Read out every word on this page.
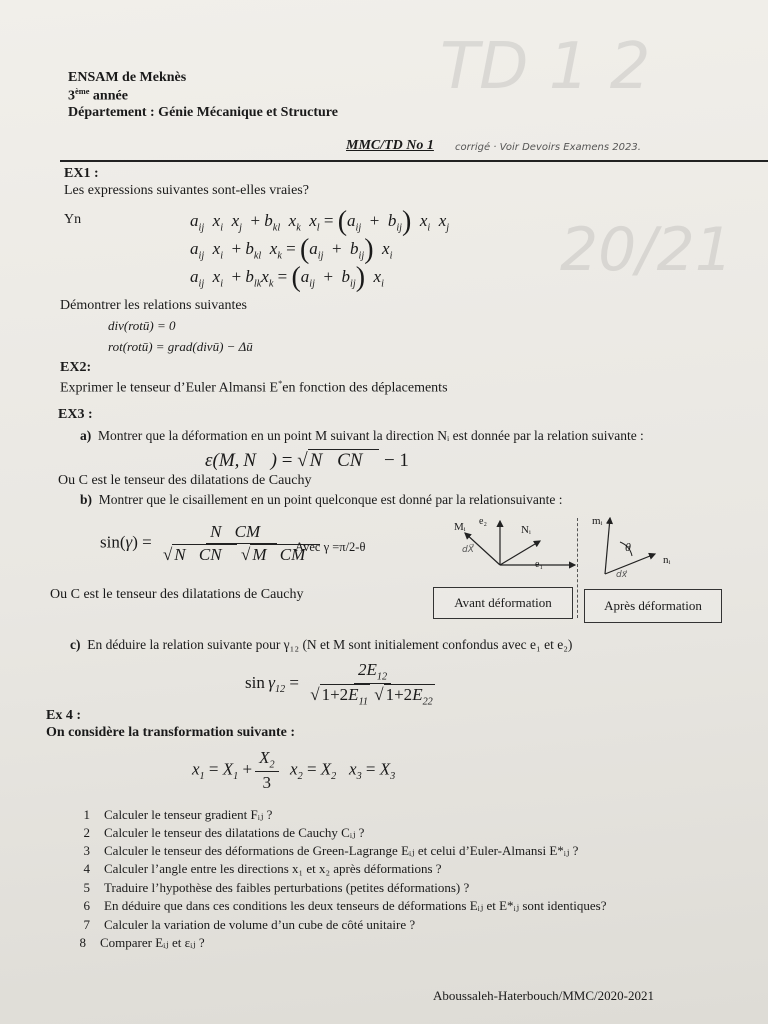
TD 1 2
20/21
ENSAM de Meknès
3ème année
Département : Génie Mécanique et Structure
MMC/TD No 1 corrigé · Voir Devoirs Examens 2023.
EX1 :
Les expressions suivantes sont-elles vraies?
Yn	$a_{ij}$  $x_i$  $x_j + b_{kl}$  $x_k$  $x_l = (a_{ij} + b_{ij})$  $x_i$  $x_j$
$a_{ij}$  $x_i + b_{kl}$  $x_k = (a_{ij} + b_{ij})$  $x_i$
$a_{ij}$  $x_i + b_{lk}x_k = (a_{ij} + b_{ij})$  $x_i$
Démontrer les relations suivantes
div(rotū) = 0
rot(rotū) = grad(divū) − Δū
EX2:
Exprimer le tenseur d’Euler Almansi E*en fonction des déplacements
EX3 :
a) Montrer que la déformation en un point M suivant la direction Nᵢ est donnée par la relation suivante :
ε(M, N⃗) = √ N⃗CN⃗ − 1
Ou C est le tenseur des dilatations de Cauchy
b) Montrer que le cisaillement en un point quelconque est donné par la relationsuivante :
$\sin(\gamma) = \frac{N⃗CM⃗}{√ N⃗CN⃗ √ M⃗CM⃗}$
Avec γ =π/2-θ
Mᵢ e₂
Nᵢ
e₁
dX⃗
mᵢ
θ
nᵢ
dx⃗
Ou C est le tenseur des dilatations de Cauchy
Avant déformation	Après déformation
c) En déduire la relation suivante pour γ₁₂ (N et M sont initialement confondus avec e₁ et e₂)
$\sin \gamma_{12} = \frac{2E_{12}}{√ 1+2E_{11} √ 1+2E_{22}}$
Ex 4 :
On considère la transformation suivante :
$x_1 = X_1 + \frac{X_2}{3} x_2 = X_2$   $x_3 = X_3$
1 Calculer le tenseur gradient Fᵢⱼ ?
2 Calculer le tenseur des dilatations de Cauchy Cᵢⱼ ?
3 Calculer le tenseur des déformations de Green-Lagrange Eᵢⱼ et celui d’Euler-Almansi E*ᵢⱼ ?
4 Calculer l’angle entre les directions x₁ et x₂ après déformations ?
5 Traduire l’hypothèse des faibles perturbations (petites déformations) ?
6 En déduire que dans ces conditions les deux tenseurs de déformations Eᵢⱼ et E*ᵢⱼ sont identiques?
7 Calculer la variation de volume d’un cube de côté unitaire ?
8 Comparer Eᵢⱼ et εᵢⱼ ?
Aboussaleh-Haterbouch/MMC/2020-2021
